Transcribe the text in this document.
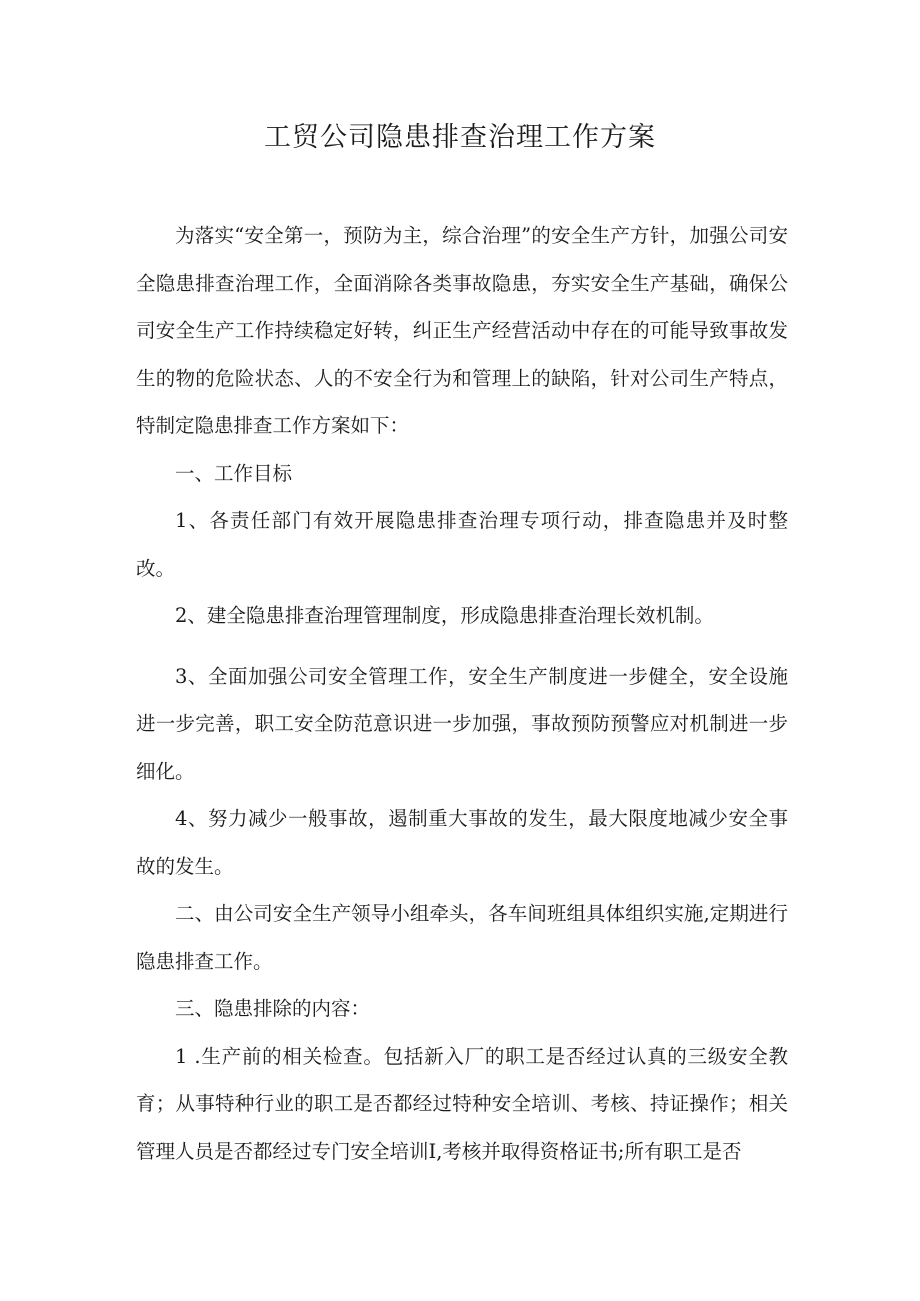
工贸公司隐患排查治理工作方案

为落实“安全第一，预防为主，综合治理”的安全生产方针，加强公司安全隐患排查治理工作，全面消除各类事故隐患，夯实安全生产基础，确保公司安全生产工作持续稳定好转，纠正生产经营活动中存在的可能导致事故发生的物的危险状态、人的不安全行为和管理上的缺陷，针对公司生产特点，特制定隐患排查工作方案如下：

一、工作目标

1、各责任部门有效开展隐患排查治理专项行动，排查隐患并及时整改。

2、建全隐患排查治理管理制度，形成隐患排查治理长效机制。

3、全面加强公司安全管理工作，安全生产制度进一步健全，安全设施进一步完善，职工安全防范意识进一步加强，事故预防预警应对机制进一步细化。

4、努力减少一般事故，遏制重大事故的发生，最大限度地减少安全事故的发生。

二、由公司安全生产领导小组牵头，各车间班组具体组织实施,定期进行隐患排查工作。

三、隐患排除的内容：

1 .生产前的相关检查。包括新入厂的职工是否经过认真的三级安全教育；从事特种行业的职工是否都经过特种安全培训、考核、持证操作；相关管理人员是否都经过专门安全培训I,考核并取得资格证书;所有职工是否
